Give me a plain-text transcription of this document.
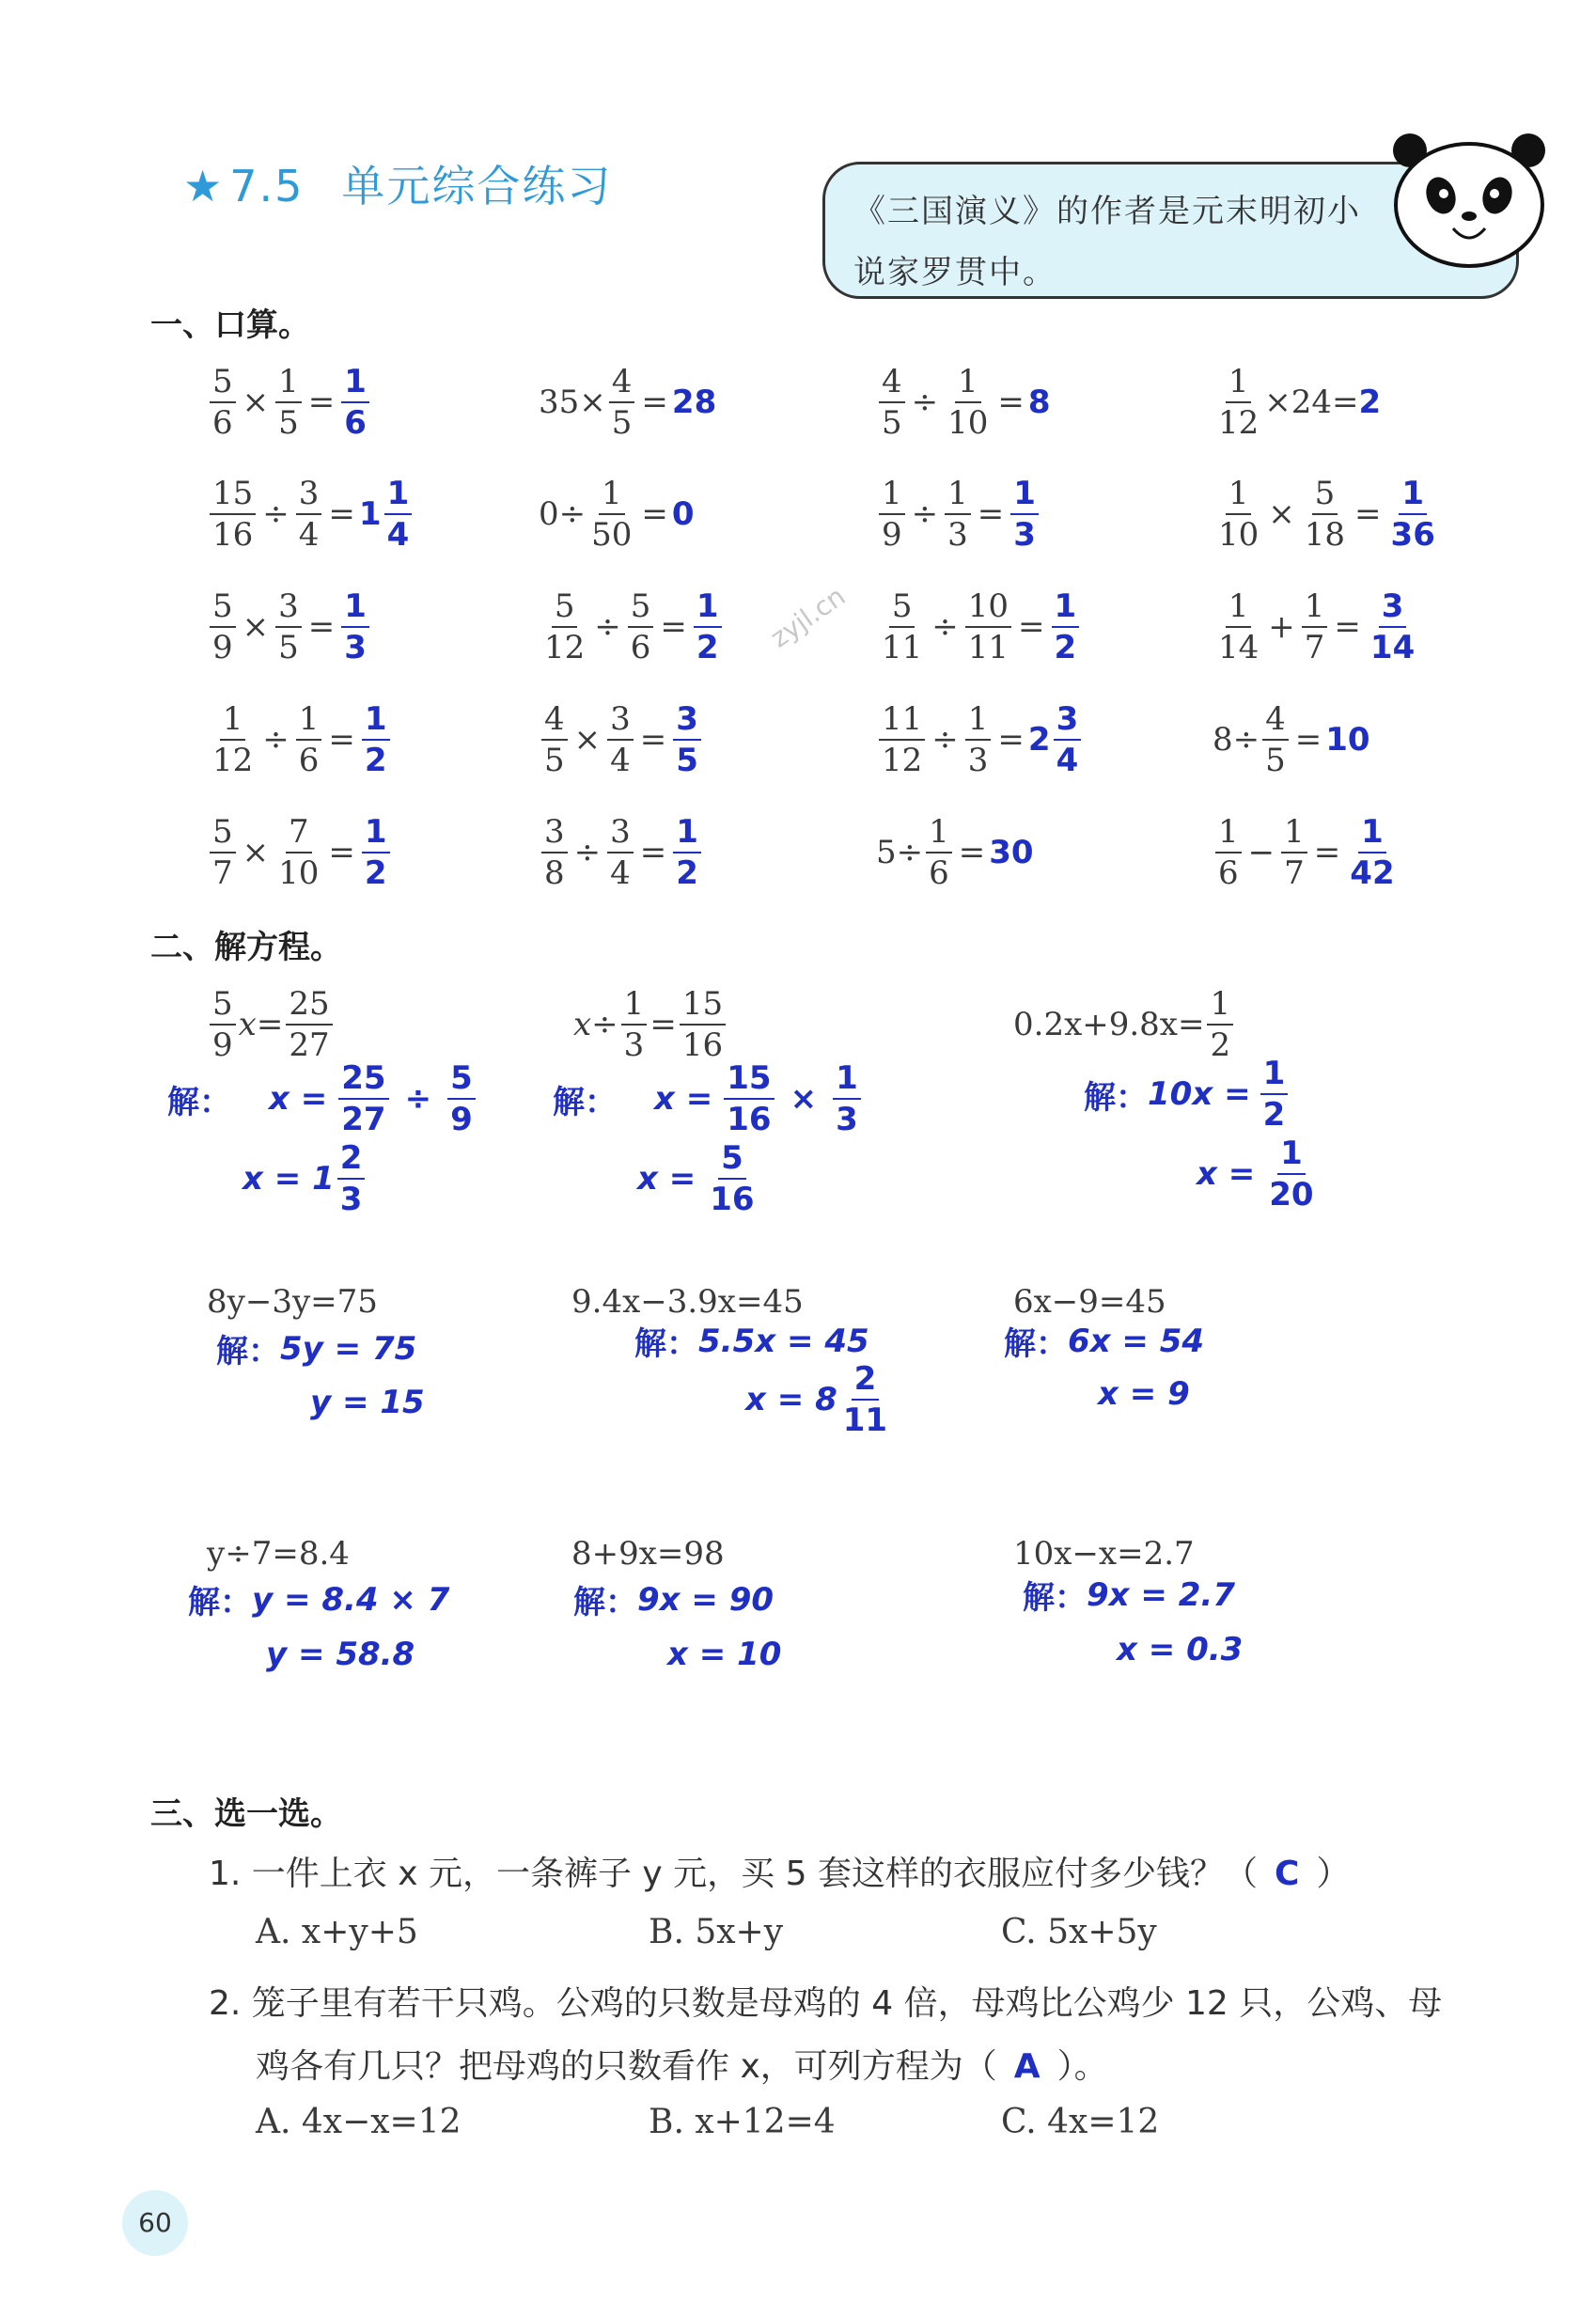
★ 7.5 单元综合练习	《三国演义》的作者是元末明初小说家罗贯中。
zyjl.cn
一、口算。
$\frac{5}{6} \times \frac{1}{5} = \frac{1}{6}$	$35\times \frac{4}{5} = 28$	$\frac{4}{5} \div \frac{1}{10} = 8$	$\frac{1}{12} \times 24= 2$
$\frac{15}{16} \div \frac{3}{4} = 1 \frac{1}{4}$	$0\div \frac{1}{50} = 0$	$\frac{1}{9} \div \frac{1}{3} = \frac{1}{3}$	$\frac{1}{10} \times \frac{5}{18} = \frac{1}{36}$
$\frac{5}{9} \times \frac{3}{5} = \frac{1}{3}$	$\frac{5}{12} \div \frac{5}{6} = \frac{1}{2}$	$\frac{5}{11} \div \frac{10}{11} = \frac{1}{2}$	$\frac{1}{14} + \frac{1}{7} = \frac{3}{14}$
$\frac{1}{12} \div \frac{1}{6} = \frac{1}{2}$	$\frac{4}{5} \times \frac{3}{4} = \frac{3}{5}$	$\frac{11}{12} \div \frac{1}{3} = 2 \frac{3}{4}$	$8\div \frac{4}{5} = 10$
$\frac{5}{7} \times \frac{7}{10} = \frac{1}{2}$	$\frac{3}{8} \div \frac{3}{4} = \frac{1}{2}$	$5\div \frac{1}{6} = 30$	$\frac{1}{6} - \frac{1}{7} = \frac{1}{42}$
二、解方程。
$\frac{5}{9} x= \frac{25}{27}$
解： $x = \frac{25}{27} \div \frac{5}{9}$
$x = 1 \frac{2}{3}$
$x\div \frac{1}{3} = \frac{15}{16}$
解： $x = \frac{15}{16} \times \frac{1}{3}$
$x = \frac{5}{16}$
$0.2x+9.8x= \frac{1}{2}$
解： $10x = \frac{1}{2}$
$x = \frac{1}{20}$
8y−3y=75
解： 5y = 75
y = 15
9.4x−3.9x=45
解： 5.5x = 45
$x = 8 \frac{2}{11}$
6x−9=45
解： 6x = 54
x = 9
y÷7=8.4
解： y = 8.4 × 7
y = 58.8
8+9x=98
解： 9x = 90
x = 10
10x−x=2.7
解： 9x = 2.7
x = 0.3
三、选一选。
1. 一件上衣 x 元，一条裤子 y 元，买 5 套这样的衣服应付多少钱？（ C ）
A. x+y+5	B. 5x+y	C. 5x+5y
2. 笼子里有若干只鸡。公鸡的只数是母鸡的 4 倍，母鸡比公鸡少 12 只，公鸡、母
鸡各有几只？把母鸡的只数看作 x，可列方程为（ A ）。
A. 4x−x=12	B. x+12=4	C. 4x=12
60
